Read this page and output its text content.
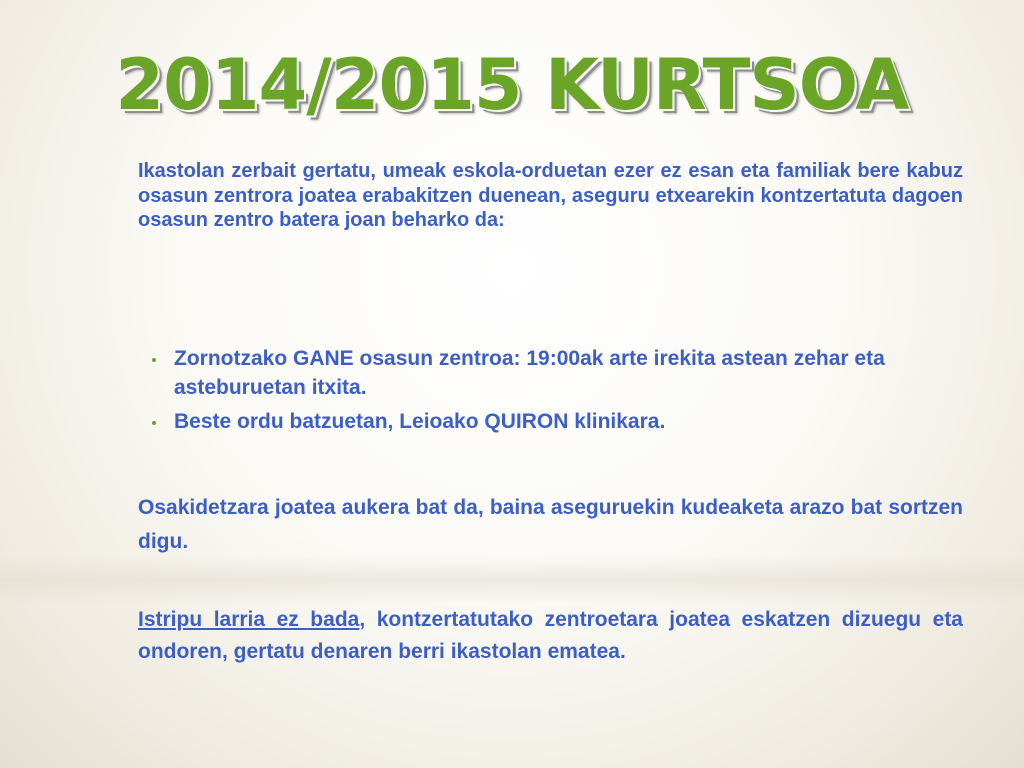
2014/2015 KURTSOA

Ikastolan zerbait gertatu, umeak eskola-orduetan ezer ez esan eta familiak bere kabuz osasun zentrora joatea erabakitzen duenean, aseguru etxearekin kontzertatuta dagoen osasun zentro batera joan beharko da:

Zornotzako GANE osasun zentroa: 19:00ak arte irekita astean zehar eta asteburuetan itxita.
Beste ordu batzuetan, Leioako QUIRON klinikara.

Osakidetzara joatea aukera bat da, baina aseguruekin kudeaketa arazo bat sortzen digu.

Istripu larria ez bada, kontzertatutako zentroetara joatea eskatzen dizuegu eta ondoren, gertatu denaren berri ikastolan ematea.
